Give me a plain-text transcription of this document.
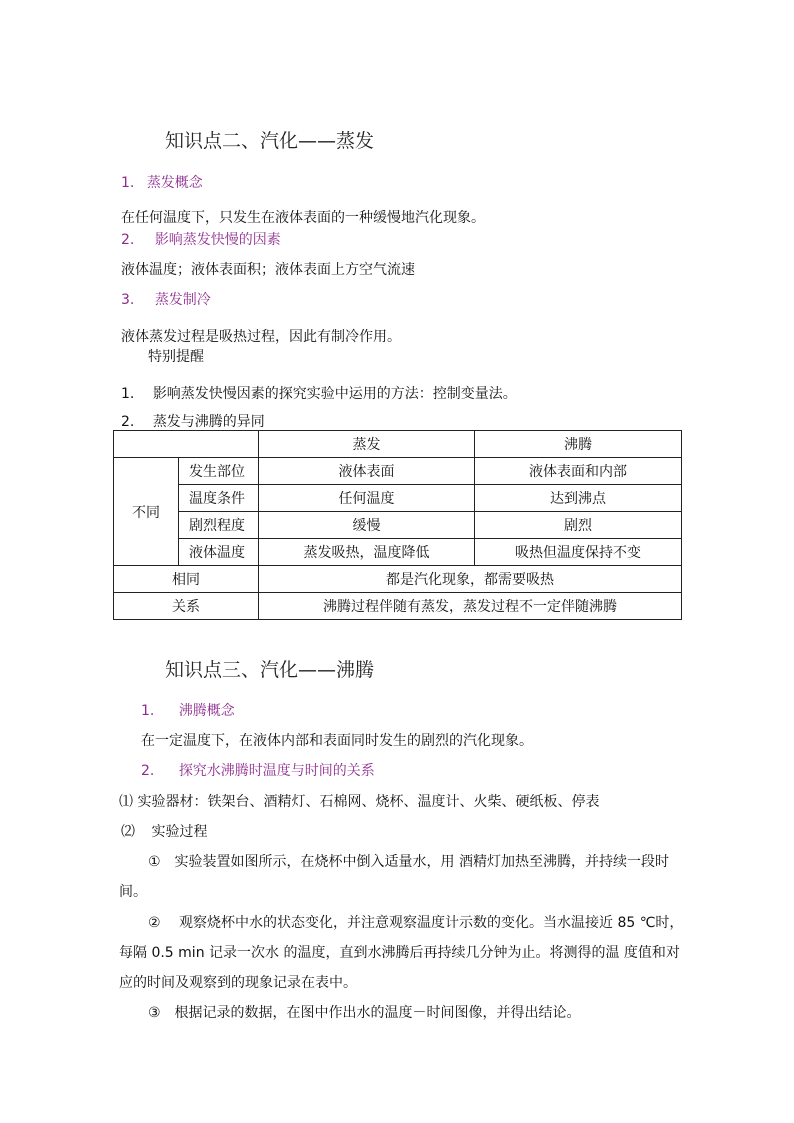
知识点二、汽化——蒸发
1. 蒸发概念
在任何温度下，只发生在液体表面的一种缓慢地汽化现象。
2. 影响蒸发快慢的因素
液体温度；液体表面积；液体表面上方空气流速
3. 蒸发制冷
液体蒸发过程是吸热过程，因此有制冷作用。
特别提醒
1. 影响蒸发快慢因素的探究实验中运用的方法：控制变量法。
2. 蒸发与沸腾的异同
		蒸发	沸腾
不同	发生部位	液体表面	液体表面和内部
	温度条件	任何温度	达到沸点
	剧烈程度	缓慢	剧烈
	液体温度	蒸发吸热，温度降低	吸热但温度保持不变
相同		都是汽化现象，都需要吸热	
关系		沸腾过程伴随有蒸发，蒸发过程不一定伴随沸腾	
知识点三、汽化——沸腾
1. 沸腾概念
在一定温度下，在液体内部和表面同时发生的剧烈的汽化现象。
2. 探究水沸腾时温度与时间的关系
⑴ 实验器材：铁架台、酒精灯、石棉网、烧杯、温度计、火柴、硬纸板、停表
⑵ 实验过程
①　实验装置如图所示，在烧杯中倒入适量水，用 酒精灯加热至沸腾，并持续一段时
间。
②　 观察烧杯中水的状态变化，并注意观察温度计示数的变化。当水温接近 85 ℃时，
每隔 0.5 min 记录一次水 的温度，直到水沸腾后再持续几分钟为止。将测得的温 度值和对
应的时间及观察到的现象记录在表中。
③　根据记录的数据，在图中作出水的温度－时间图像，并得出结论。
